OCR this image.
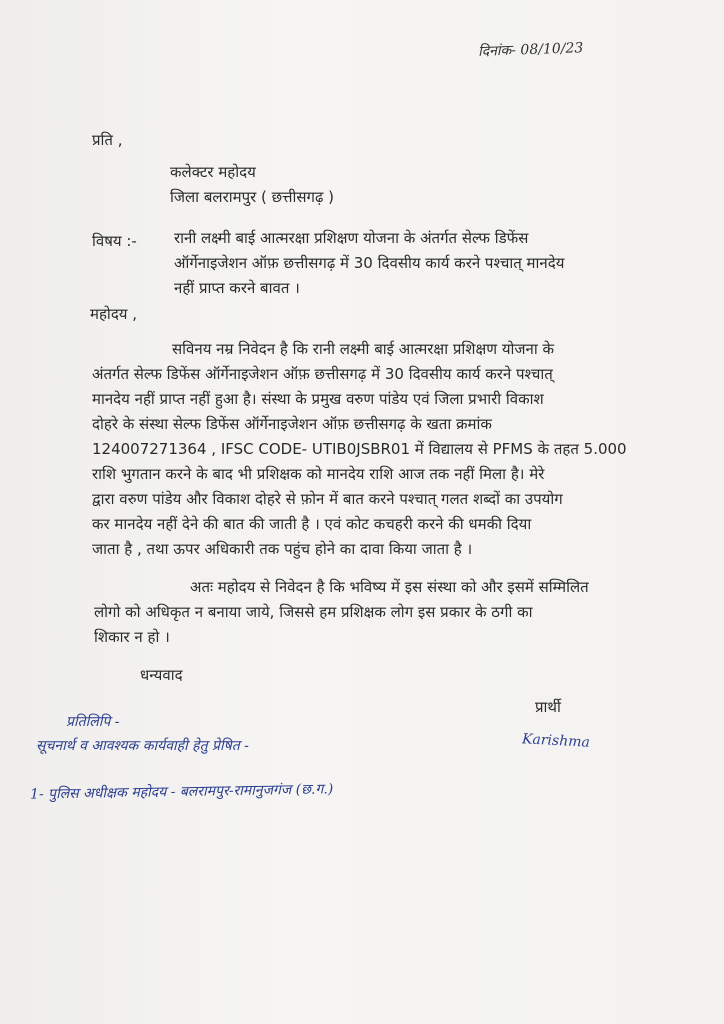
दिनांक- 08/10/23
प्रति ,
कलेक्टर महोदय
जिला बलरामपुर ( छत्तीसगढ़ )
विषय :- रानी लक्ष्मी बाई आत्मरक्षा प्रशिक्षण योजना के अंतर्गत सेल्फ डिफेंस
ऑर्गेनाइजेशन ऑफ़ छत्तीसगढ़ में 30 दिवसीय कार्य करने पश्चात् मानदेय
नहीं प्राप्त करने बावत ।
महोदय ,
सविनय नम्र निवेदन है कि रानी लक्ष्मी बाई आत्मरक्षा प्रशिक्षण योजना के
अंतर्गत सेल्फ डिफेंस ऑर्गेनाइजेशन ऑफ़ छत्तीसगढ़ में 30 दिवसीय कार्य करने पश्चात्
मानदेय नहीं प्राप्त नहीं हुआ है। संस्था के प्रमुख वरुण पांडेय एवं जिला प्रभारी विकाश
दोहरे के संस्था सेल्फ डिफेंस ऑर्गेनाइजेशन ऑफ़ छत्तीसगढ़ के खता क्रमांक
124007271364 , IFSC CODE- UTIB0JSBR01 में विद्यालय से PFMS के तहत 5.000
राशि भुगतान करने के बाद भी प्रशिक्षक को मानदेय राशि आज तक नहीं मिला है। मेरे
द्वारा वरुण पांडेय और विकाश दोहरे से फ़ोन में बात करने पश्चात् गलत शब्दों का उपयोग
कर मानदेय नहीं देने की बात की जाती है । एवं कोट कचहरी करने की धमकी दिया
जाता है , तथा ऊपर अधिकारी तक पहुंच होने का दावा किया जाता है ।
अतः महोदय से निवेदन है कि भविष्य में इस संस्था को और इसमें सम्मिलित
लोगो को अधिकृत न बनाया जाये, जिससे हम प्रशिक्षक लोग इस प्रकार के ठगी का
शिकार न हो ।
धन्यवाद
प्रार्थी
Karishma
प्रतिलिपि -
सूचनार्थ व आवश्यक कार्यवाही हेतु प्रेषित -
1- पुलिस अधीक्षक महोदय - बलरामपुर-रामानुजगंज (छ.ग.)
